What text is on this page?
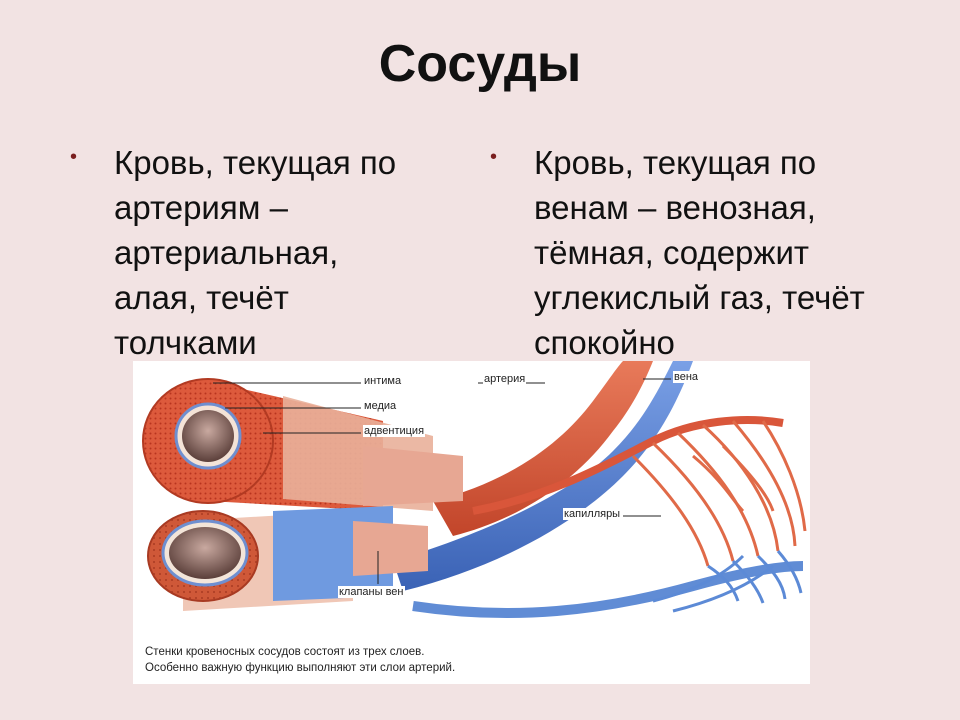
Сосуды
• Кровь, текущая по
артериям –
артериальная,
алая, течёт
толчками
• Кровь, текущая по
венам – венозная,
тёмная, содержит
углекислый газ, течёт
спокойно
интима
медиа
адвентиция
артерия	вена
капилляры
клапаны вен
Стенки кровеносных сосудов состоят из трех слоев.
Особенно важную функцию выполняют эти слои артерий.
